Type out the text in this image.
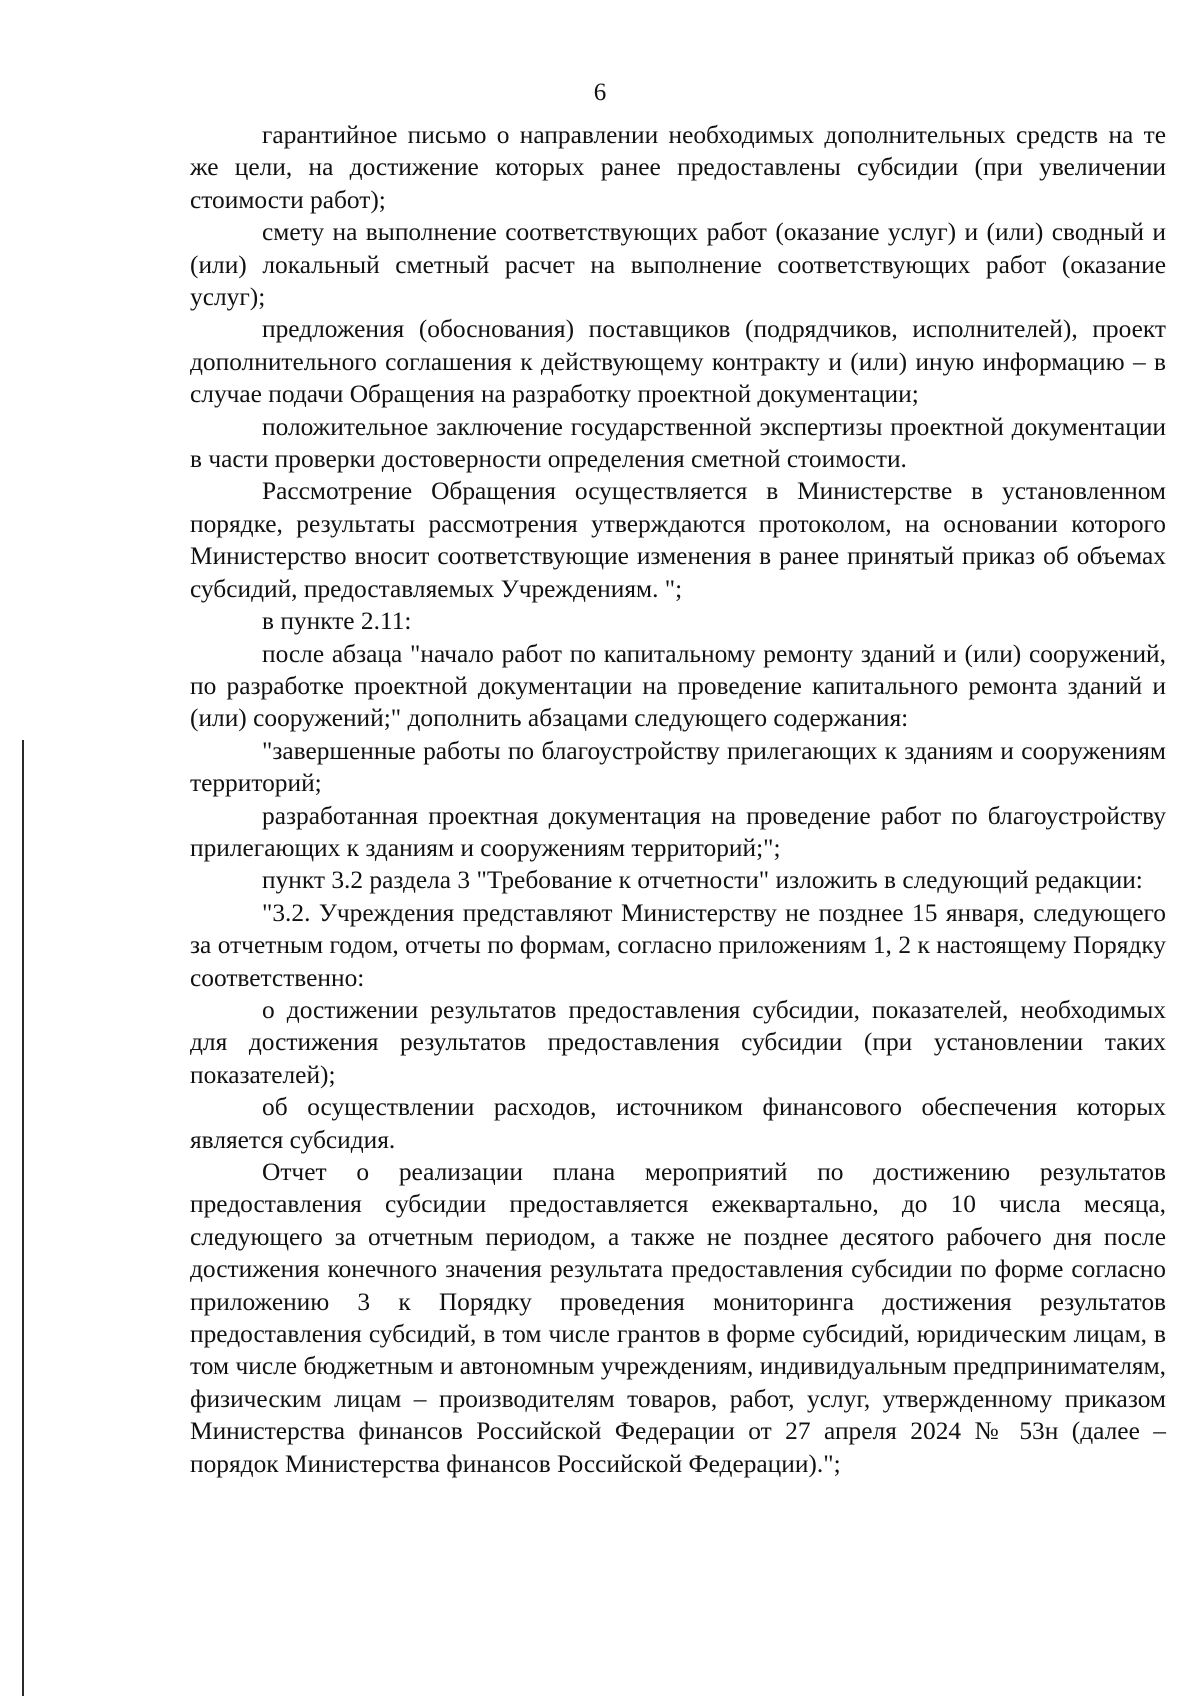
6

гарантийное письмо о направлении необходимых дополнительных средств на те же цели, на достижение которых ранее предоставлены субсидии (при увеличении стоимости работ);

смету на выполнение соответствующих работ (оказание услуг) и (или) сводный и (или) локальный сметный расчет на выполнение соответствующих работ (оказание услуг);

предложения (обоснования) поставщиков (подрядчиков, исполнителей), проект дополнительного соглашения к действующему контракту и (или) иную информацию – в случае подачи Обращения на разработку проектной документации;

положительное заключение государственной экспертизы проектной документации в части проверки достоверности определения сметной стоимости.

Рассмотрение Обращения осуществляется в Министерстве в установленном порядке, результаты рассмотрения утверждаются протоколом, на основании которого Министерство вносит соответствующие изменения в ранее принятый приказ об объемах субсидий, предоставляемых Учреждениям. ";

в пункте 2.11:

после абзаца "начало работ по капитальному ремонту зданий и (или) сооружений, по разработке проектной документации на проведение капитального ремонта зданий и (или) сооружений;" дополнить абзацами следующего содержания:

"завершенные работы по благоустройству прилегающих к зданиям и сооружениям территорий;

разработанная проектная документация на проведение работ по благоустройству прилегающих к зданиям и сооружениям территорий;";

пункт 3.2 раздела 3 "Требование к отчетности" изложить в следующий редакции:

"3.2. Учреждения представляют Министерству не позднее 15 января, следующего за отчетным годом, отчеты по формам, согласно приложениям 1, 2 к настоящему Порядку соответственно:

о достижении результатов предоставления субсидии, показателей, необходимых для достижения результатов предоставления субсидии (при установлении таких показателей);

об осуществлении расходов, источником финансового обеспечения которых является субсидия.

Отчет о реализации плана мероприятий по достижению результатов предоставления субсидии предоставляется ежеквартально, до 10 числа месяца, следующего за отчетным периодом, а также не позднее десятого рабочего дня после достижения конечного значения результата предоставления субсидии по форме согласно приложению 3 к Порядку проведения мониторинга достижения результатов предоставления субсидий, в том числе грантов в форме субсидий, юридическим лицам, в том числе бюджетным и автономным учреждениям, индивидуальным предпринимателям, физическим лицам – производителям товаров, работ, услуг, утвержденному приказом Министерства финансов Российской Федерации от 27 апреля 2024 № 53н (далее – порядок Министерства финансов Российской Федерации).";
